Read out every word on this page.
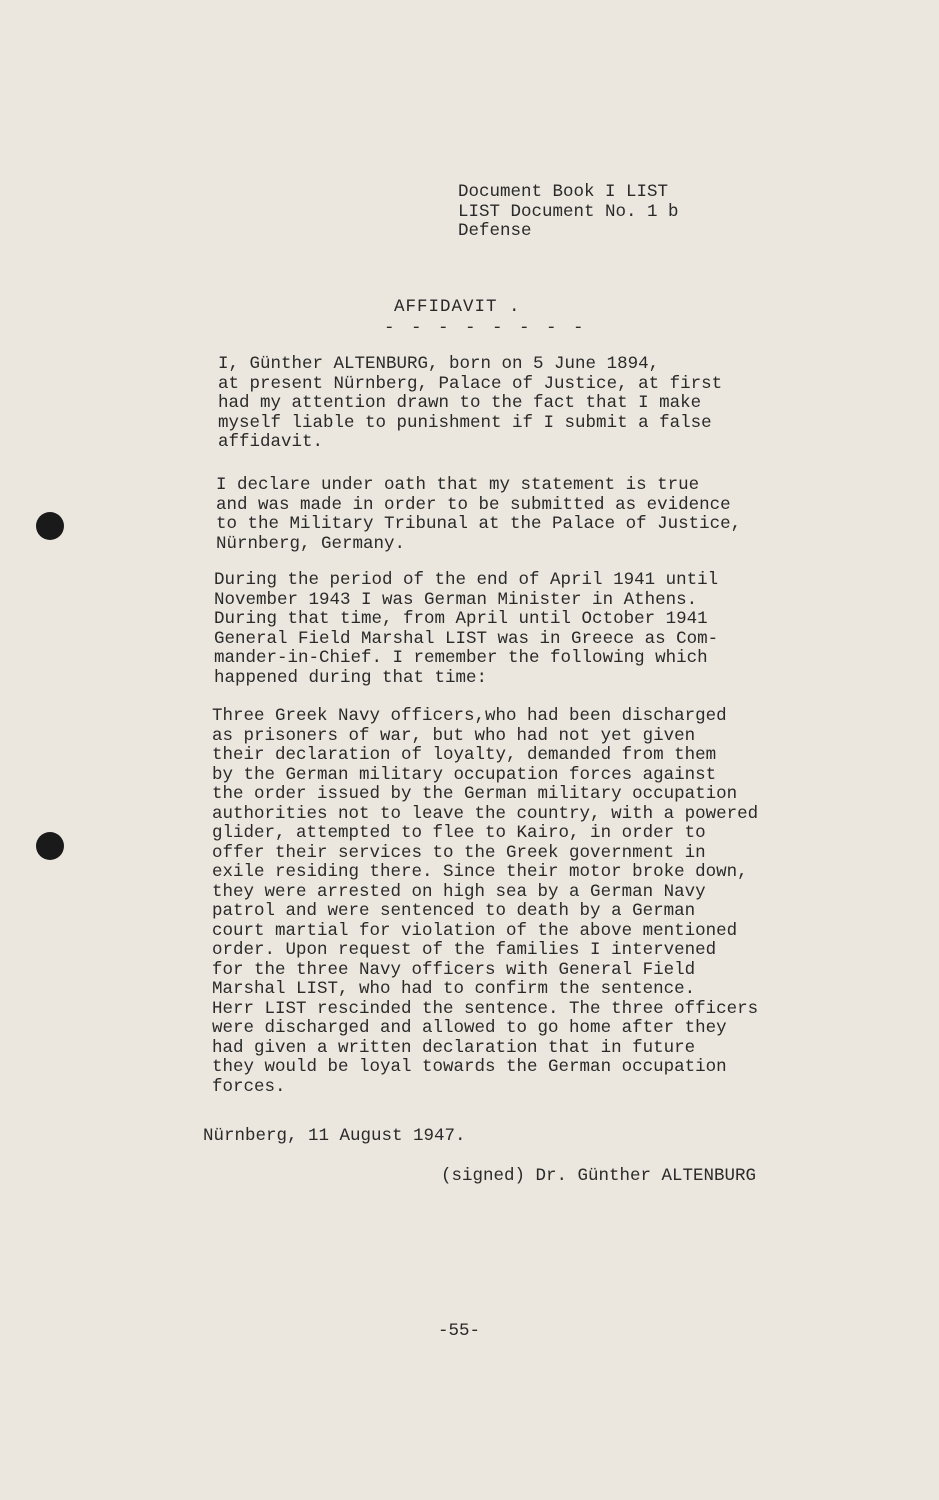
Document Book I LIST
LIST Document No. 1 b
Defense
AFFIDAVIT .
- - - - - - - -
I, Günther ALTENBURG, born on 5 June 1894,
at present Nürnberg, Palace of Justice, at first
had my attention drawn to the fact that I make
myself liable to punishment if I submit a false
affidavit.
I declare under oath that my statement is true
and was made in order to be submitted as evidence
to the Military Tribunal at the Palace of Justice,
Nürnberg, Germany.
During the period of the end of April 1941 until
November 1943 I was German Minister in Athens.
During that time, from April until October 1941
General Field Marshal LIST was in Greece as Com-
mander-in-Chief. I remember the following which
happened during that time:
Three Greek Navy officers,who had been discharged
as prisoners of war, but who had not yet given
their declaration of loyalty, demanded from them
by the German military occupation forces against
the order issued by the German military occupation
authorities not to leave the country, with a powered
glider, attempted to flee to Kairo, in order to
offer their services to the Greek government in
exile residing there. Since their motor broke down,
they were arrested on high sea by a German Navy
patrol and were sentenced to death by a German
court martial for violation of the above mentioned
order. Upon request of the families I intervened
for the three Navy officers with General Field
Marshal LIST, who had to confirm the sentence.
Herr LIST rescinded the sentence. The three officers
were discharged and allowed to go home after they
had given a written declaration that in future
they would be loyal towards the German occupation
forces.
Nürnberg, 11 August 1947.
(signed) Dr. Günther ALTENBURG
-55-
